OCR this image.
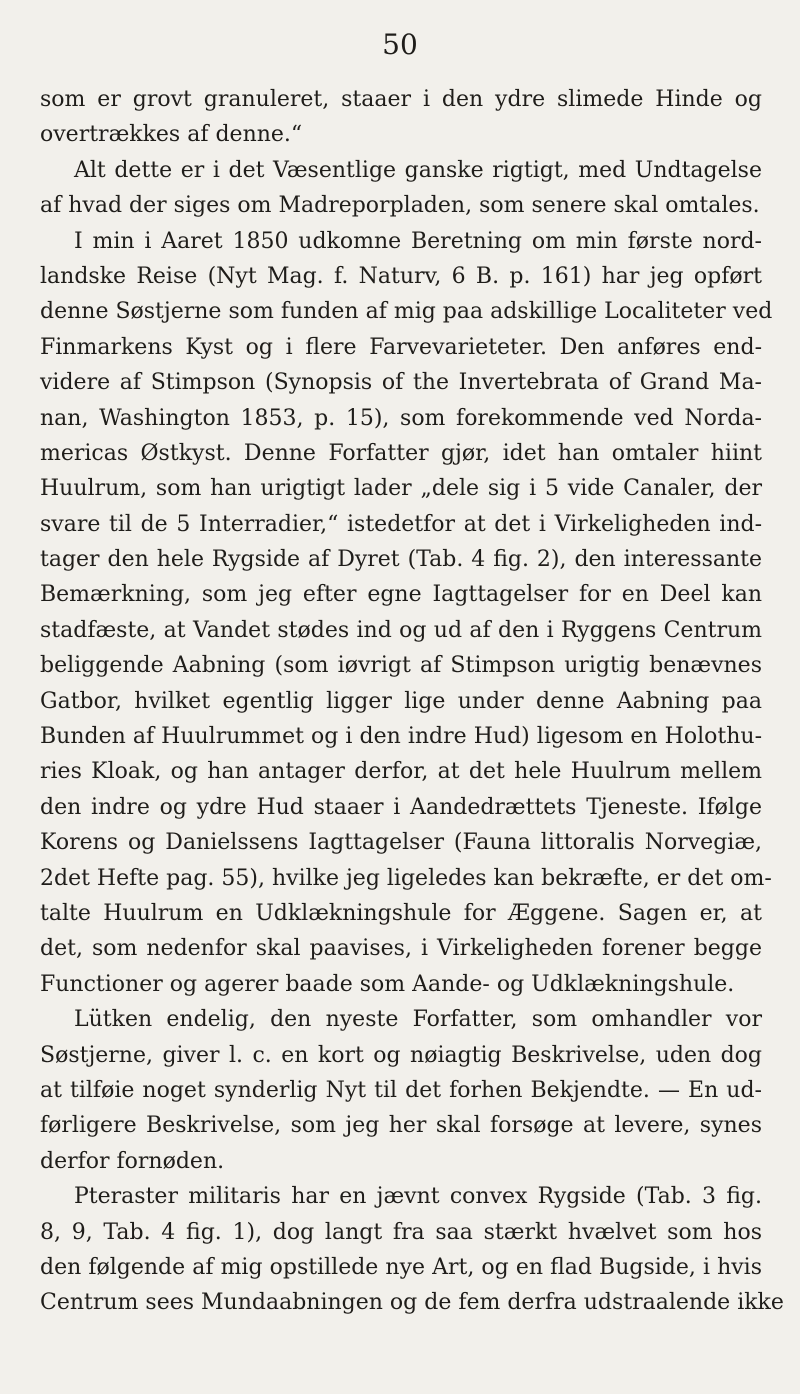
50
som er grovt granuleret, staaer i den ydre slimede Hinde og
overtrækkes af denne.“
Alt dette er i det Væsentlige ganske rigtigt, med Undtagelse
af hvad der siges om Madreporpladen, som senere skal omtales.
I min i Aaret 1850 udkomne Beretning om min første nord-
landske Reise (Nyt Mag. f. Naturv, 6 B. p. 161) har jeg opført
denne Søstjerne som funden af mig paa adskillige Localiteter ved
Finmarkens Kyst og i flere Farvevarieteter. Den anføres end-
videre af Stimpson (Synopsis of the Invertebrata of Grand Ma-
nan, Washington 1853, p. 15), som forekommende ved Norda-
mericas Østkyst. Denne Forfatter gjør, idet han omtaler hiint
Huulrum, som han urigtigt lader „dele sig i 5 vide Canaler, der
svare til de 5 Interradier,“ istedetfor at det i Virkeligheden ind-
tager den hele Rygside af Dyret (Tab. 4 fig. 2), den interessante
Bemærkning, som jeg efter egne Iagttagelser for en Deel kan
stadfæste, at Vandet stødes ind og ud af den i Ryggens Centrum
beliggende Aabning (som iøvrigt af Stimpson urigtig benævnes
Gatbor, hvilket egentlig ligger lige under denne Aabning paa
Bunden af Huulrummet og i den indre Hud) ligesom en Holothu-
ries Kloak, og han antager derfor, at det hele Huulrum mellem
den indre og ydre Hud staaer i Aandedrættets Tjeneste. Ifølge
Korens og Danielssens Iagttagelser (Fauna littoralis Norvegiæ,
2det Hefte pag. 55), hvilke jeg ligeledes kan bekræfte, er det om-
talte Huulrum en Udklækningshule for Æggene. Sagen er, at
det, som nedenfor skal paavises, i Virkeligheden forener begge
Functioner og agerer baade som Aande- og Udklækningshule.
Lütken endelig, den nyeste Forfatter, som omhandler vor
Søstjerne, giver l. c. en kort og nøiagtig Beskrivelse, uden dog
at tilføie noget synderlig Nyt til det forhen Bekjendte. — En ud-
førligere Beskrivelse, som jeg her skal forsøge at levere, synes
derfor fornøden.
Pteraster militaris har en jævnt convex Rygside (Tab. 3 fig.
8, 9, Tab. 4 fig. 1), dog langt fra saa stærkt hvælvet som hos
den følgende af mig opstillede nye Art, og en flad Bugside, i hvis
Centrum sees Mundaabningen og de fem derfra udstraalende ikke
